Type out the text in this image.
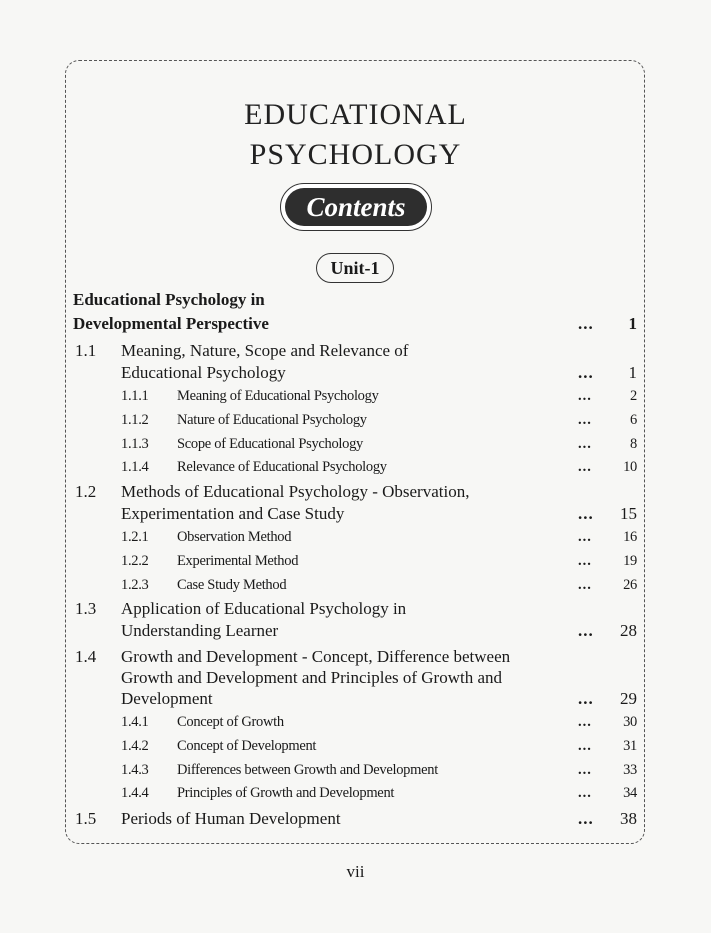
EDUCATIONAL
PSYCHOLOGY
Contents
Unit-1
Educational Psychology in
Developmental Perspective	... 1
1.1 Meaning, Nature, Scope and Relevance of
Educational Psychology	... 1
1.1.1 Meaning of Educational Psychology	...	2
1.1.2 Nature of Educational Psychology	...	6
1.1.3 Scope of Educational Psychology	...	8
1.1.4 Relevance of Educational Psychology	... 10
1.2 Methods of Educational Psychology - Observation,
Experimentation and Case Study	... 15
1.2.1 Observation Method	... 16
1.2.2 Experimental Method	... 19
1.2.3 Case Study Method	... 26
1.3 Application of Educational Psychology in
Understanding Learner	... 28
1.4 Growth and Development - Concept, Difference between
Growth and Development and Principles of Growth and
Development	... 29
1.4.1 Concept of Growth	... 30
1.4.2 Concept of Development	... 31
1.4.3 Differences between Growth and Development	... 33
1.4.4 Principles of Growth and Development	... 34
1.5 Periods of Human Development	... 38
vii
